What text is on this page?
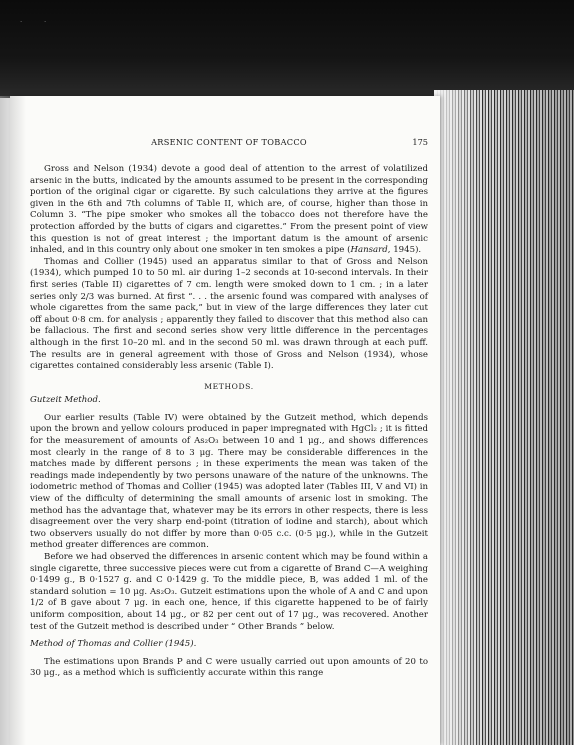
·	·
ARSENIC CONTENT OF TOBACCO	175

Gross and Nelson (1934) devote a good deal of attention to the arrest of volatilized arsenic in the butts, indicated by the amounts assumed to be present in the corresponding portion of the original cigar or cigarette. By such calculations they arrive at the figures given in the 6th and 7th columns of Table II, which are, of course, higher than those in Column 3. “The pipe smoker who smokes all the tobacco does not therefore have the protection afforded by the butts of cigars and cigarettes.” From the present point of view this question is not of great interest ; the important datum is the amount of arsenic inhaled, and in this country only about one smoker in ten smokes a pipe (Hansard, 1945).

Thomas and Collier (1945) used an apparatus similar to that of Gross and Nelson (1934), which pumped 10 to 50 ml. air during 1–2 seconds at 10-second intervals. In their first series (Table II) cigarettes of 7 cm. length were smoked down to 1 cm. ; in a later series only 2/3 was burned. At first “. . . the arsenic found was compared with analyses of whole cigarettes from the same pack,” but in view of the large differences they later cut off about 0·8 cm. for analysis ; apparently they failed to discover that this method also can be fallacious. The first and second series show very little difference in the percentages although in the first 10–20 ml. and in the second 50 ml. was drawn through at each puff. The results are in general agreement with those of Gross and Nelson (1934), whose cigarettes contained considerably less arsenic (Table I).

METHODS.
Gutzeit Method.

Our earlier results (Table IV) were obtained by the Gutzeit method, which depends upon the brown and yellow colours produced in paper impregnated with HgCl₂ ; it is fitted for the measurement of amounts of As₂O₃ between 10 and 1 μg., and shows differences most clearly in the range of 8 to 3 μg. There may be considerable differences in the matches made by different persons ; in these experiments the mean was taken of the readings made independently by two persons unaware of the nature of the unknowns. The iodometric method of Thomas and Collier (1945) was adopted later (Tables III, V and VI) in view of the difficulty of determining the small amounts of arsenic lost in smoking. The method has the advantage that, whatever may be its errors in other respects, there is less disagreement over the very sharp end-point (titration of iodine and starch), about which two observers usually do not differ by more than 0·05 c.c. (0·5 μg.), while in the Gutzeit method greater differences are common.

Before we had observed the differences in arsenic content which may be found within a single cigarette, three successive pieces were cut from a cigarette of Brand C—A weighing 0·1499 g., B 0·1527 g. and C 0·1429 g. To the middle piece, B, was added 1 ml. of the standard solution = 10 μg. As₂O₃. Gutzeit estimations upon the whole of A and C and upon 1/2 of B gave about 7 μg. in each one, hence, if this cigarette happened to be of fairly uniform composition, about 14 μg., or 82 per cent out of 17 μg., was recovered. Another test of the Gutzeit method is described under “ Other Brands ” below.

Method of Thomas and Collier (1945).

The estimations upon Brands P and C were usually carried out upon amounts of 20 to 30 μg., as a method which is sufficiently accurate within this range
